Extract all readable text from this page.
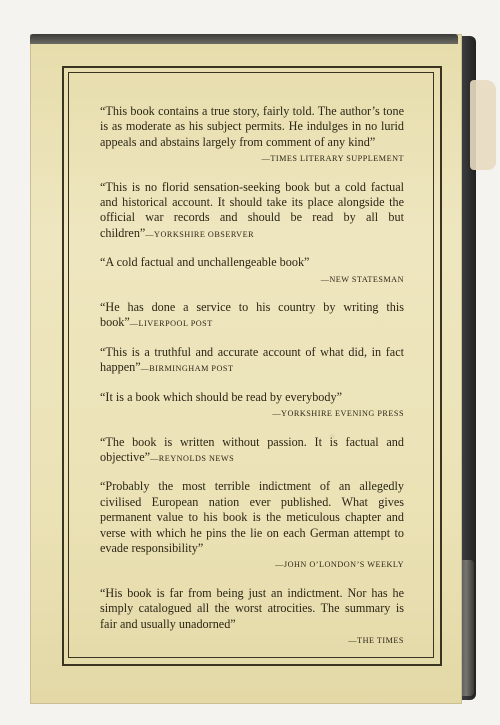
“This book contains a true story, fairly told. The author’s tone is as moderate as his subject permits. He indulges in no lurid appeals and abstains largely from comment of any kind”
—TIMES LITERARY SUPPLEMENT

“This is no florid sensation-seeking book but a cold factual and historical account. It should take its place alongside the official war records and should be read by all but children”—YORKSHIRE OBSERVER

“A cold factual and unchallengeable book”
—NEW STATESMAN

“He has done a service to his country by writing this book”—LIVERPOOL POST

“This is a truthful and accurate account of what did, in fact happen”—BIRMINGHAM POST

“It is a book which should be read by everybody”
—YORKSHIRE EVENING PRESS

“The book is written without passion. It is factual and objective”—REYNOLDS NEWS

“Probably the most terrible indictment of an allegedly civilised European nation ever published. What gives permanent value to his book is the meticulous chapter and verse with which he pins the lie on each German attempt to evade responsibility”
—JOHN O’LONDON’S WEEKLY

“His book is far from being just an indictment. Nor has he simply catalogued all the worst atrocities. The summary is fair and usually unadorned”
—THE TIMES
